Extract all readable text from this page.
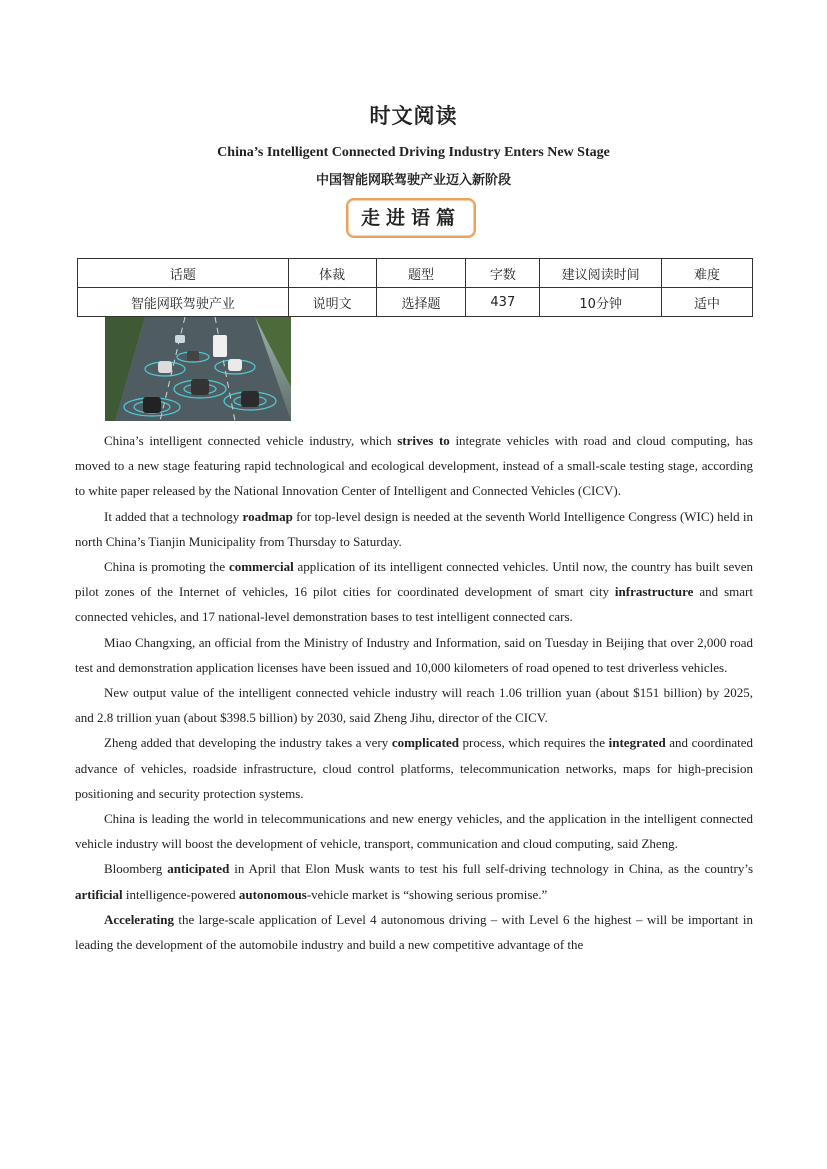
时文阅读
China’s Intelligent Connected Driving Industry Enters New Stage
中国智能网联驾驶产业迈入新阶段
走进语篇
话题	体裁	题型	字数	建议阅读时间	难度
智能网联驾驶产业	说明文	选择题	437	10分钟	适中

China’s intelligent connected vehicle industry, which strives to integrate vehicles with road and cloud computing, has moved to a new stage featuring rapid technological and ecological development, instead of a small-scale testing stage, according to white paper released by the National Innovation Center of Intelligent and Connected Vehicles (CICV).

It added that a technology roadmap for top-level design is needed at the seventh World Intelligence Congress (WIC) held in north China’s Tianjin Municipality from Thursday to Saturday.

China is promoting the commercial application of its intelligent connected vehicles. Until now, the country has built seven pilot zones of the Internet of vehicles, 16 pilot cities for coordinated development of smart city infrastructure and smart connected vehicles, and 17 national-level demonstration bases to test intelligent connected cars.

Miao Changxing, an official from the Ministry of Industry and Information, said on Tuesday in Beijing that over 2,000 road test and demonstration application licenses have been issued and 10,000 kilometers of road opened to test driverless vehicles.

New output value of the intelligent connected vehicle industry will reach 1.06 trillion yuan (about $151 billion) by 2025, and 2.8 trillion yuan (about $398.5 billion) by 2030, said Zheng Jihu, director of the CICV.

Zheng added that developing the industry takes a very complicated process, which requires the integrated and coordinated advance of vehicles, roadside infrastructure, cloud control platforms, telecommunication networks, maps for high-precision positioning and security protection systems.

China is leading the world in telecommunications and new energy vehicles, and the application in the intelligent connected vehicle industry will boost the development of vehicle, transport, communication and cloud computing, said Zheng.

Bloomberg anticipated in April that Elon Musk wants to test his full self-driving technology in China, as the country’s artificial intelligence-powered autonomous-vehicle market is “showing serious promise.”

Accelerating the large-scale application of Level 4 autonomous driving – with Level 6 the highest – will be important in leading the development of the automobile industry and build a new competitive advantage of the
